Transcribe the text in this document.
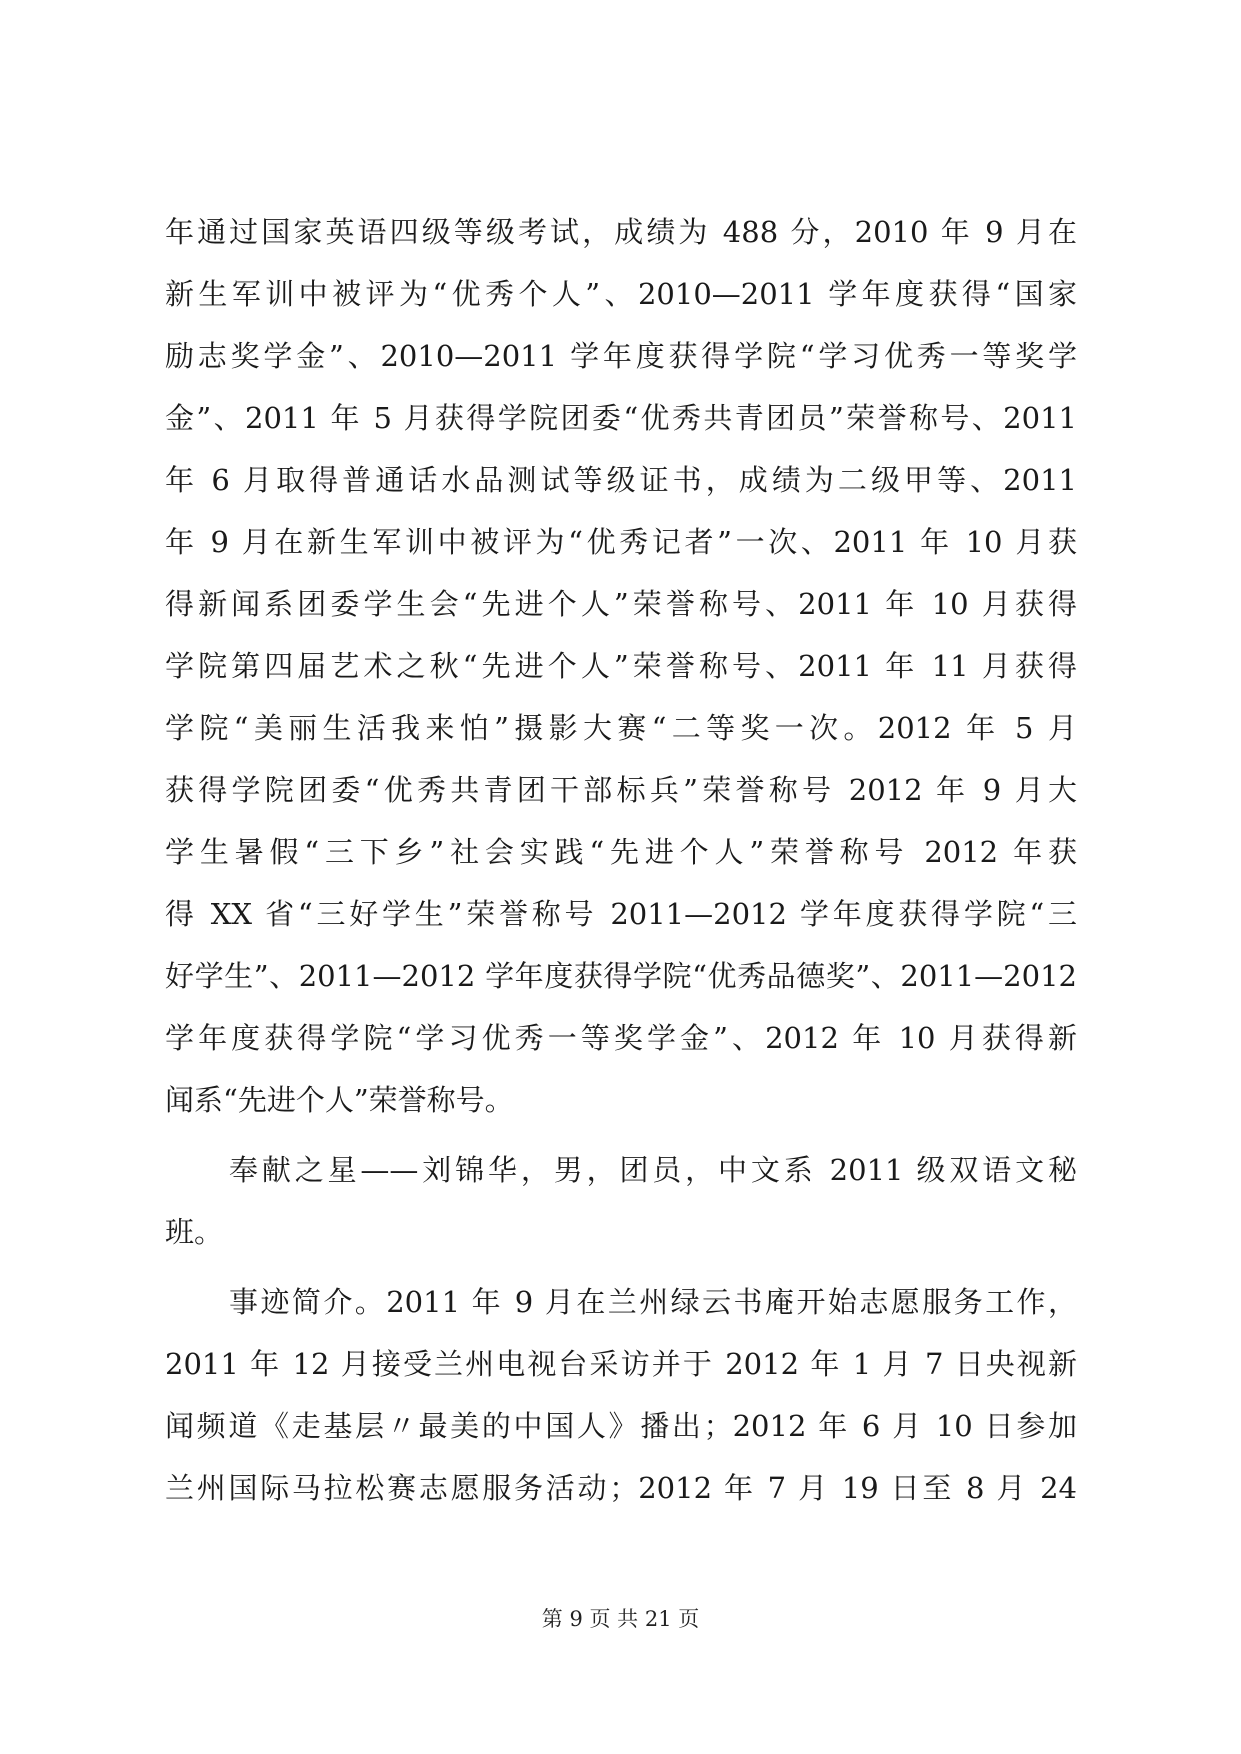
年通过国家英语四级等级考试，成绩为 488 分，2010 年 9 月在
新生军训中被评为“优秀个人”、2010—2011 学年度获得“国家
励志奖学金”、2010—2011 学年度获得学院“学习优秀一等奖学
金”、2011 年 5 月获得学院团委“优秀共青团员”荣誉称号、2011
年 6 月取得普通话水品测试等级证书，成绩为二级甲等、2011
年 9 月在新生军训中被评为“优秀记者”一次、2011 年 10 月获
得新闻系团委学生会“先进个人”荣誉称号、2011 年 10 月获得
学院第四届艺术之秋“先进个人”荣誉称号、2011 年 11 月获得
学院“美丽生活我来怕”摄影大赛“二等奖一次。2012 年 5 月
获得学院团委“优秀共青团干部标兵”荣誉称号 2012 年 9 月大
学生暑假“三下乡”社会实践“先进个人”荣誉称号 2012 年获
得 XX 省“三好学生”荣誉称号 2011—2012 学年度获得学院“三
好学生”、2011—2012 学年度获得学院“优秀品德奖”、2011—2012
学年度获得学院“学习优秀一等奖学金”、2012 年 10 月获得新
闻系“先进个人”荣誉称号。
奉献之星——刘锦华，男，团员，中文系 2011 级双语文秘
班。
事迹简介。2011 年 9 月在兰州绿云书庵开始志愿服务工作，
2011 年 12 月接受兰州电视台采访并于 2012 年 1 月 7 日央视新
闻频道《走基层〃最美的中国人》播出；2012 年 6 月 10 日参加
兰州国际马拉松赛志愿服务活动；2012 年 7 月 19 日至 8 月 24
第 9 页 共 21 页
